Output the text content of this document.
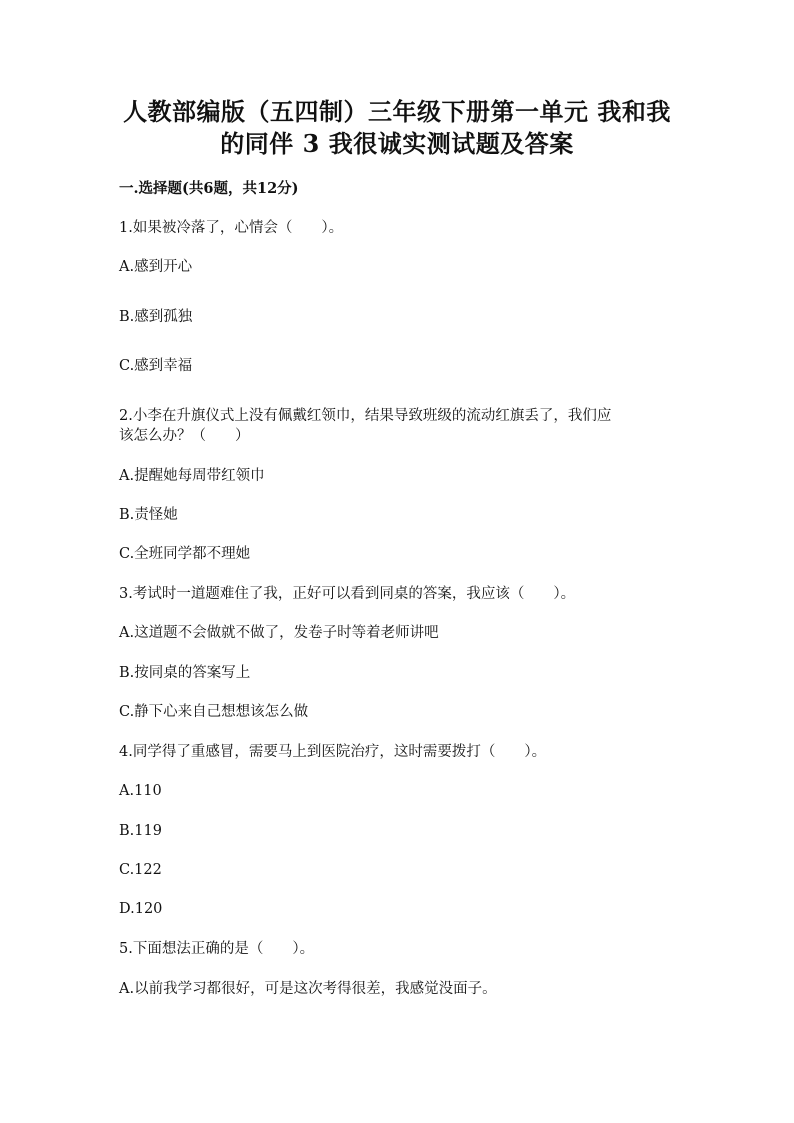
人教部编版（五四制）三年级下册第一单元 我和我
的同伴 3 我很诚实测试题及答案
一.选择题(共6题，共12分)
1.如果被冷落了，心情会（　　）。
A.感到开心
B.感到孤独
C.感到幸福
2.小李在升旗仪式上没有佩戴红领巾，结果导致班级的流动红旗丢了，我们应
该怎么办？（　　）
A.提醒她每周带红领巾
B.责怪她
C.全班同学都不理她
3.考试时一道题难住了我，正好可以看到同桌的答案，我应该（　　）。
A.这道题不会做就不做了，发卷子时等着老师讲吧
B.按同桌的答案写上
C.静下心来自己想想该怎么做
4.同学得了重感冒，需要马上到医院治疗，这时需要拨打（　　）。
A.110
B.119
C.122
D.120
5.下面想法正确的是（　　）。
A.以前我学习都很好，可是这次考得很差，我感觉没面子。
